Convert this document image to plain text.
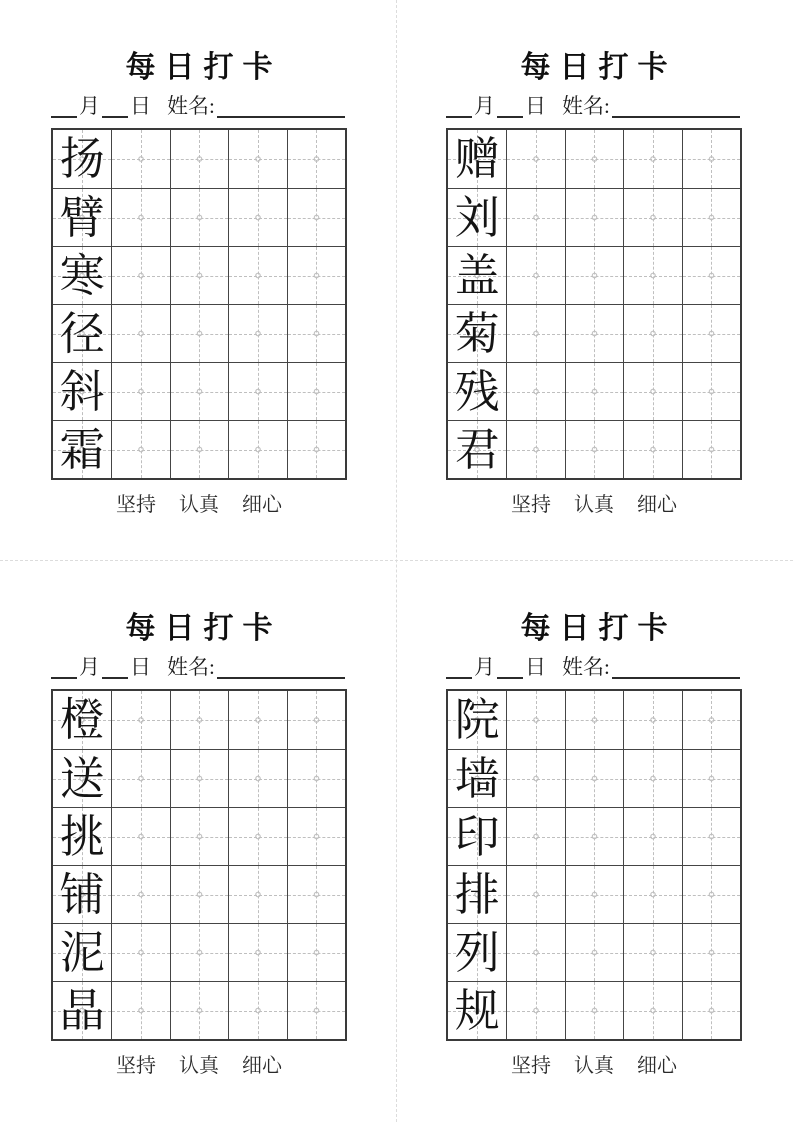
每日打卡
月 日 姓名:
扬
臂
寒
径
斜
霜
坚持 认真 细心
每日打卡
月 日 姓名:
赠
刘
盖
菊
残
君
坚持 认真 细心
每日打卡
月 日 姓名:
橙
送
挑
铺
泥
晶
坚持 认真 细心
每日打卡
月 日 姓名:
院
墙
印
排
列
规
坚持 认真 细心
